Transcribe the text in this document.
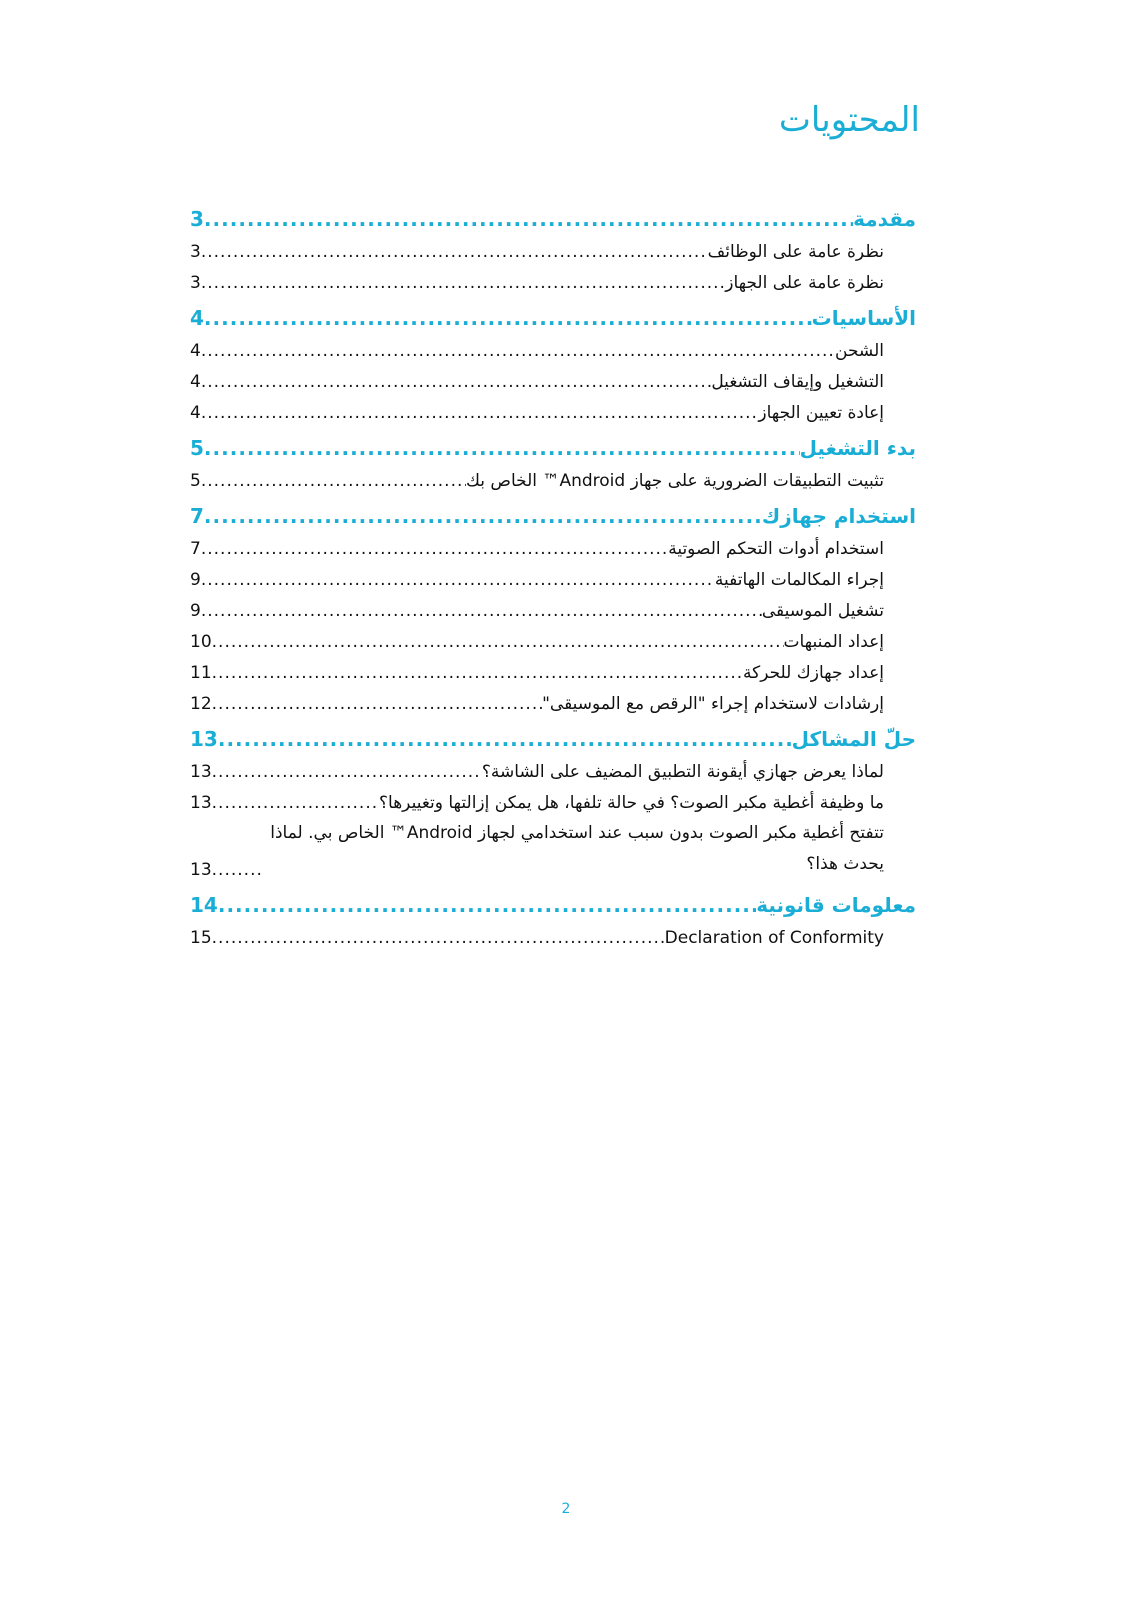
المحتويات
مقدمة
.....
3
نظرة عامة على الوظائف
.....
3
نظرة عامة على الجهاز
.....
3
الأساسيات
.....
4
الشحن
.....
4
التشغيل وإيقاف التشغيل
.....
4
إعادة تعيين الجهاز
.....
4
بدء التشغيل
.....
5
تثبيت التطبيقات الضرورية على جهاز Android™ الخاص بك
.....
5
استخدام جهازك
.....
7
استخدام أدوات التحكم الصوتية
.....
7
إجراء المكالمات الهاتفية
.....
9
تشغيل الموسيقى
.....
9
إعداد المنبهات
.....
10
إعداد جهازك للحركة
.....
11
إرشادات لاستخدام إجراء "الرقص مع الموسيقى"
.....
12
حلّ المشاكل
.....
13
لماذا يعرض جهازي أيقونة التطبيق المضيف على الشاشة؟
.....
13
ما وظيفة أغطية مكبر الصوت؟ في حالة تلفها، هل يمكن إزالتها وتغييرها؟
.....
13
تتفتح أغطية مكبر الصوت بدون سبب عند استخدامي لجهاز Android™ الخاص بي. لماذا يحدث هذا؟
.....
13
معلومات قانونية
.....
14
Declaration of Conformity
.....
15
2
